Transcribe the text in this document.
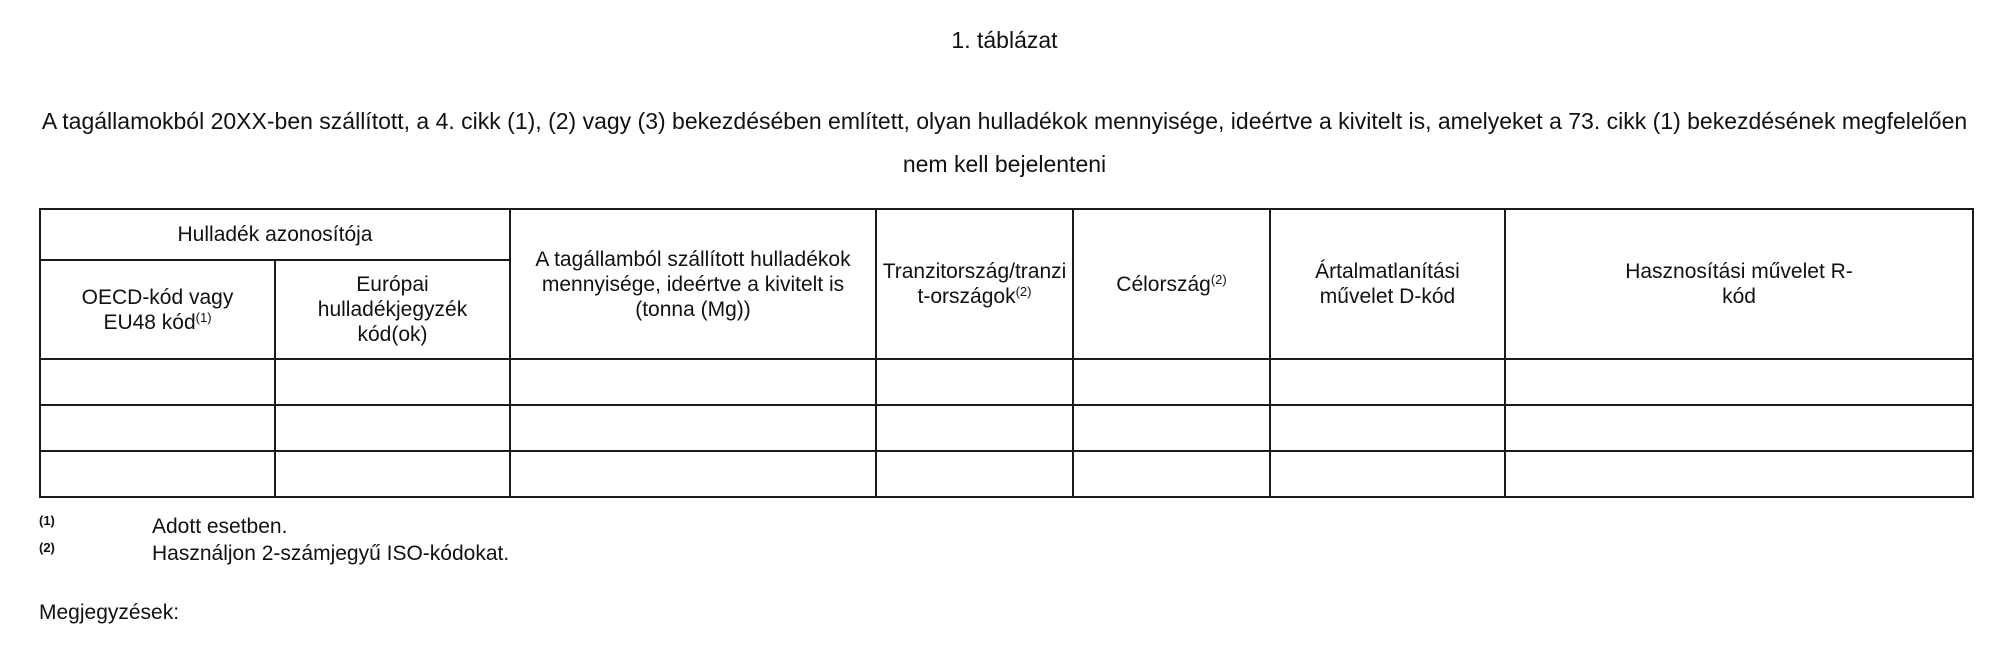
1. táblázat
A tagállamokból 20XX-ben szállított, a 4. cikk (1), (2) vagy (3) bekezdésében említett, olyan hulladékok mennyisége, ideértve a kivitelt is, amelyeket a 73. cikk (1) bekezdésének megfelelően nem kell bejelenteni
Hulladék azonosítója		A tagállamból szállított hulladékok mennyisége, ideértve a kivitelt is (tonna (Mg))	Tranzitország/tranzit-országok$^{(2)}$	Célország$^{(2)}$	Ártalmatlanítási művelet D-kód	Hasznosítási művelet R-kód

OECD-kód vagy EU48 kód$^{(1)}$	Európai hulladékjegyzék kód(ok)					

(1)	Adott esetben.
(2)	Használjon 2-számjegyű ISO-kódokat.
Megjegyzések:
